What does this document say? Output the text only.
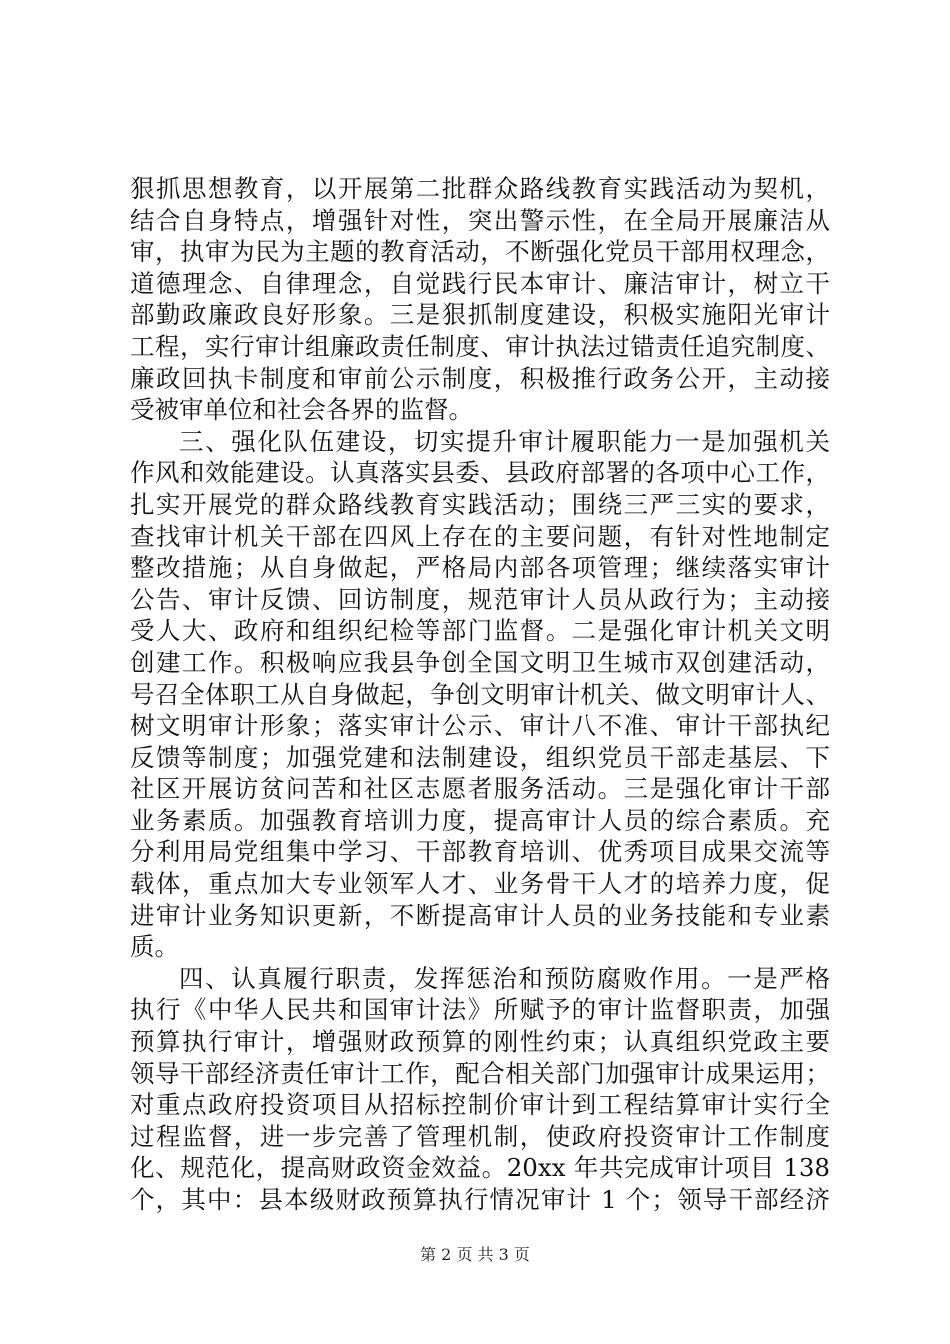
狠抓思想教育，以开展第二批群众路线教育实践活动为契机，
结合自身特点，增强针对性，突出警示性，在全局开展廉洁从
审，执审为民为主题的教育活动，不断强化党员干部用权理念，
道德理念、自律理念，自觉践行民本审计、廉洁审计，树立干
部勤政廉政良好形象。三是狠抓制度建设，积极实施阳光审计
工程，实行审计组廉政责任制度、审计执法过错责任追究制度、
廉政回执卡制度和审前公示制度，积极推行政务公开，主动接
受被审单位和社会各界的监督。
三、强化队伍建设，切实提升审计履职能力一是加强机关
作风和效能建设。认真落实县委、县政府部署的各项中心工作，
扎实开展党的群众路线教育实践活动；围绕三严三实的要求，
查找审计机关干部在四风上存在的主要问题，有针对性地制定
整改措施；从自身做起，严格局内部各项管理；继续落实审计
公告、审计反馈、回访制度，规范审计人员从政行为；主动接
受人大、政府和组织纪检等部门监督。二是强化审计机关文明
创建工作。积极响应我县争创全国文明卫生城市双创建活动，
号召全体职工从自身做起，争创文明审计机关、做文明审计人、
树文明审计形象；落实审计公示、审计八不准、审计干部执纪
反馈等制度；加强党建和法制建设，组织党员干部走基层、下
社区开展访贫问苦和社区志愿者服务活动。三是强化审计干部
业务素质。加强教育培训力度，提高审计人员的综合素质。充
分利用局党组集中学习、干部教育培训、优秀项目成果交流等
载体，重点加大专业领军人才、业务骨干人才的培养力度，促
进审计业务知识更新，不断提高审计人员的业务技能和专业素
质。
四、认真履行职责，发挥惩治和预防腐败作用。一是严格
执行《中华人民共和国审计法》所赋予的审计监督职责，加强
预算执行审计，增强财政预算的刚性约束；认真组织党政主要
领导干部经济责任审计工作，配合相关部门加强审计成果运用；
对重点政府投资项目从招标控制价审计到工程结算审计实行全
过程监督，进一步完善了管理机制，使政府投资审计工作制度
化、规范化，提高财政资金效益。20xx 年共完成审计项目 138
个，其中：县本级财政预算执行情况审计 1 个；领导干部经济
第 2 页 共 3 页
